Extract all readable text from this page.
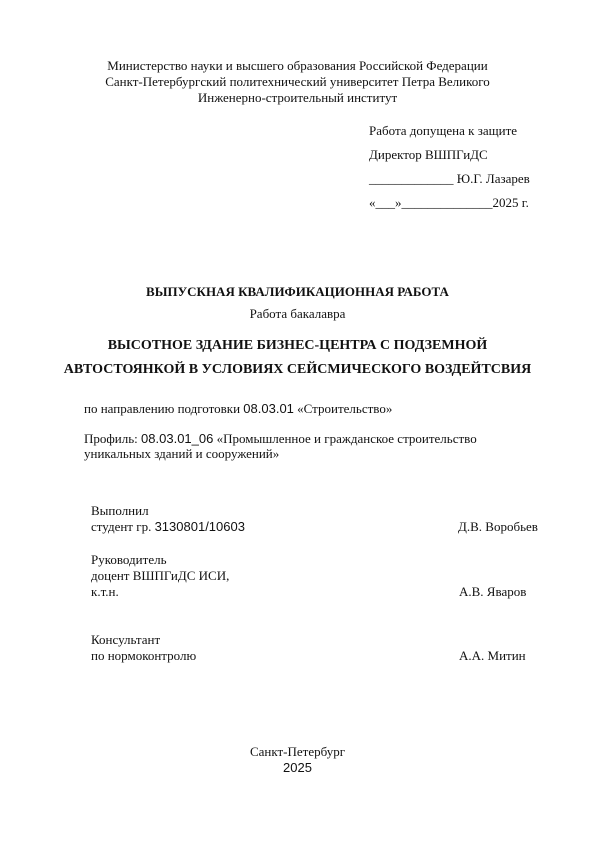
Министерство науки и высшего образования Российской Федерации
Санкт-Петербургский политехнический университет Петра Великого
Инженерно-строительный институт
Работа допущена к защите
Директор ВШПГиДС
_____________ Ю.Г. Лазарев
«___»______________2025 г.
ВЫПУСКНАЯ КВАЛИФИКАЦИОННАЯ РАБОТА
Работа бакалавра
ВЫСОТНОЕ ЗДАНИЕ БИЗНЕС-ЦЕНТРА С ПОДЗЕМНОЙ
АВТОСТОЯНКОЙ В УСЛОВИЯХ СЕЙСМИЧЕСКОГО ВОЗДЕЙТСВИЯ
по направлению подготовки 08.03.01 «Строительство»
Профиль: 08.03.01_06 «Промышленное и гражданское строительство
уникальных зданий и сооружений»
Выполнил
студент гр. 3130801/10603	Д.В. Воробьев
Руководитель
доцент ВШПГиДС ИСИ,
к.т.н.	А.В. Яваров
Консультант
по нормоконтролю	А.А. Митин
Санкт-Петербург
2025
